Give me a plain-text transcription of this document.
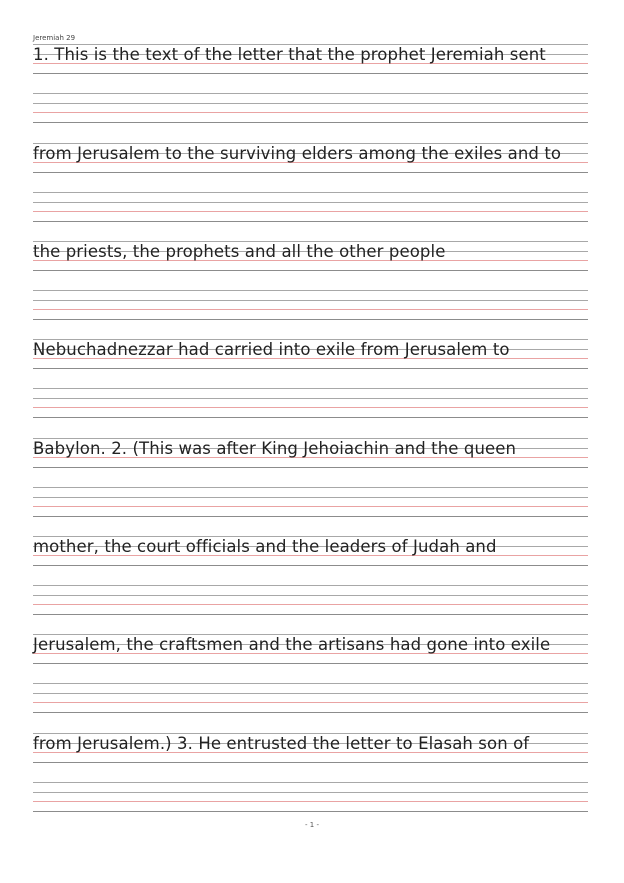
Jeremiah 29
1. This is the text of the letter that the prophet Jeremiah sent
from Jerusalem to the surviving elders among the exiles and to
the priests, the prophets and all the other people
Nebuchadnezzar had carried into exile from Jerusalem to
Babylon. 2. (This was after King Jehoiachin and the queen
mother, the court officials and the leaders of Judah and
Jerusalem, the craftsmen and the artisans had gone into exile
from Jerusalem.) 3. He entrusted the letter to Elasah son of
- 1 -
